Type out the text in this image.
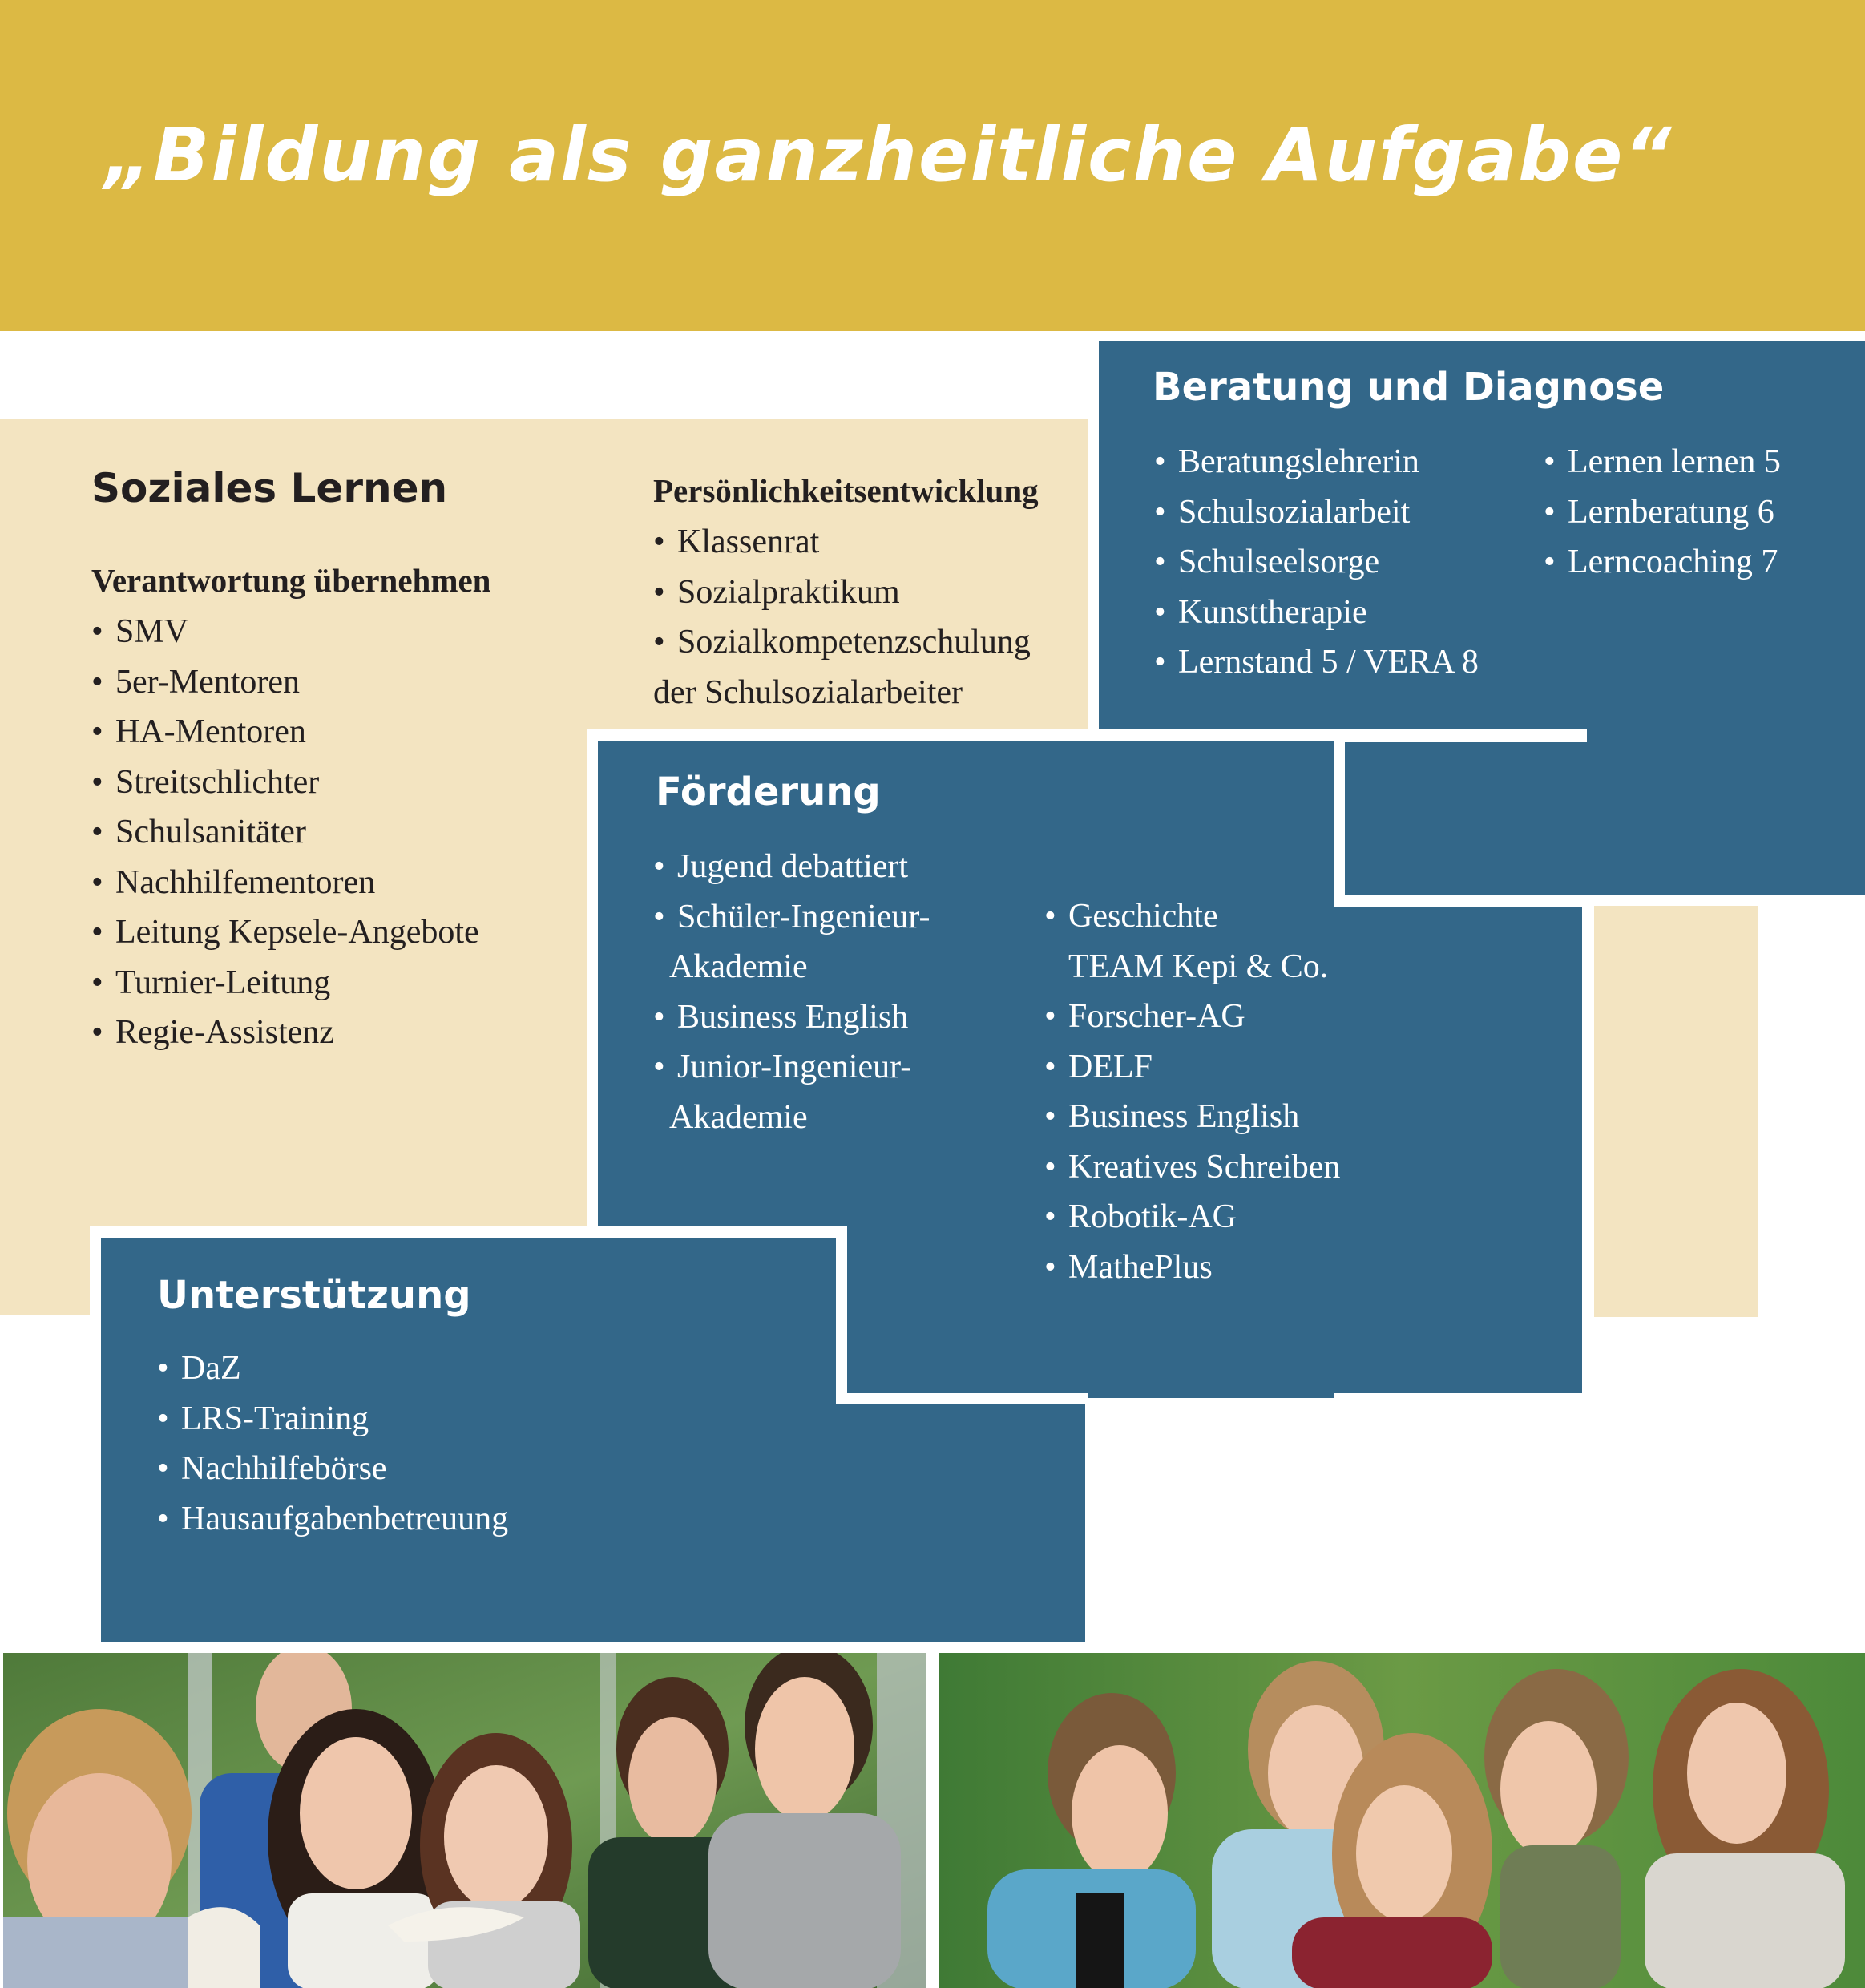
„Bildung als ganzheitliche Aufgabe“
Soziales Lernen
Verantwortung übernehmen
• SMV
• 5er-Mentoren
• HA-Mentoren
• Streitschlichter
• Schulsanitäter
• Nachhilfementoren
• Leitung Kepsele-Angebote
• Turnier-Leitung
• Regie-Assistenz
Persönlichkeitsentwicklung
• Klassenrat
• Sozialpraktikum
• Sozialkompetenzschulung
der Schulsozialarbeiter
Beratung und Diagnose
• Beratungslehrerin
• Schulsozialarbeit
• Schulseelsorge
• Kunsttherapie
• Lernstand 5 / VERA 8
• Lernen lernen 5
• Lernberatung 6
• Lerncoaching 7
Förderung
• Jugend debattiert
• Schüler-Ingenieur-
Akademie
• Business English
• Junior-Ingenieur-
Akademie
• Geschichte
TEAM Kepi & Co.
• Forscher-AG
• DELF
• Business English
• Kreatives Schreiben
• Robotik-AG
• MathePlus
Unterstützung
• DaZ
• LRS-Training
• Nachhilfebörse
• Hausaufgabenbetreuung
